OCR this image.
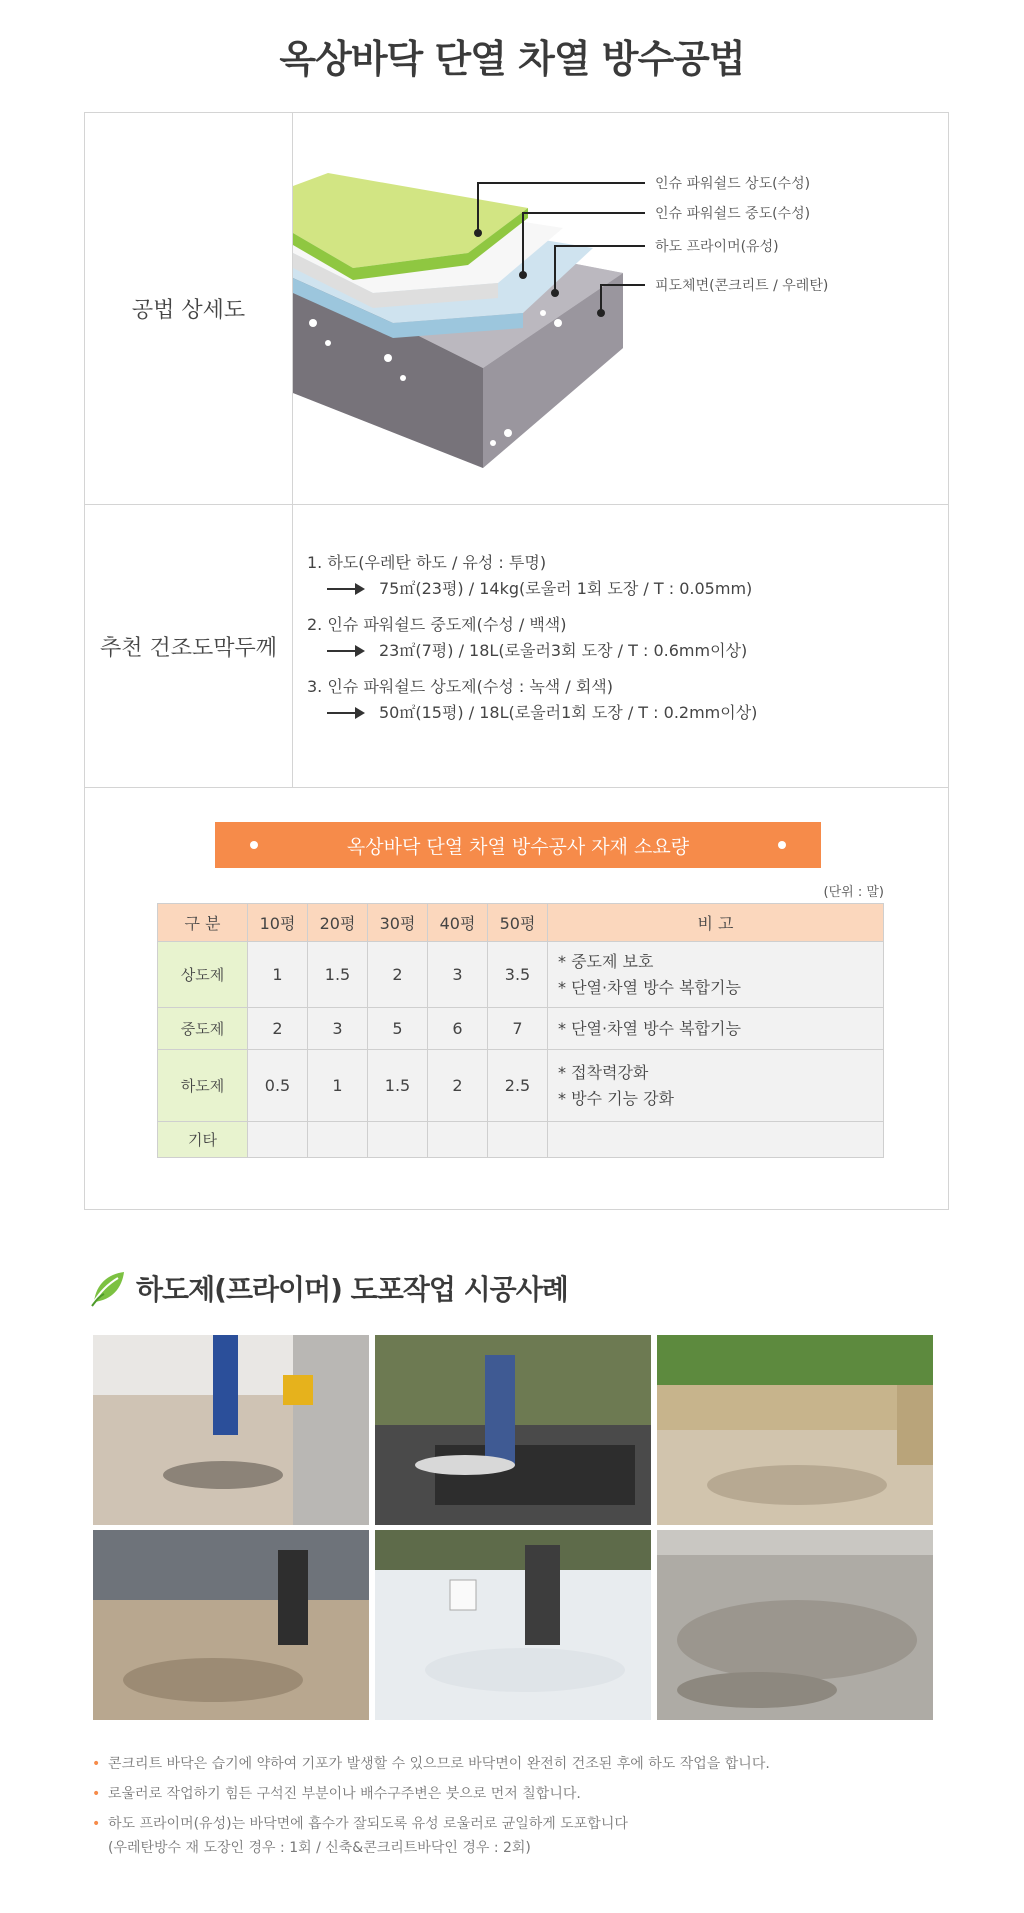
옥상바닥 단열 차열 방수공법
공법 상세도
인슈 파워쉴드 상도(수성)
인슈 파워쉴드 중도(수성)
하도 프라이머(유성)
피도체면(콘크리트 / 우레탄)
추천 건조도막두께
1. 하도(우레탄 하도 / 유성 : 투명)
75㎡(23평) / 14kg(로울러 1회 도장 / T : 0.05mm)
2. 인슈 파워쉴드 중도제(수성 / 백색)
23㎡(7평) / 18L(로울러3회 도장 / T : 0.6mm이상)
3. 인슈 파워쉴드 상도제(수성 : 녹색 / 회색)
50㎡(15평) / 18L(로울러1회 도장 / T : 0.2mm이상)
옥상바닥 단열 차열 방수공사 자재 소요량
(단위 : 말)
구 분	10평	20평	30평	40평	50평	비 고
상도제	1	1.5	2	3	3.5	* 중도제 보호
* 단열·차열 방수 복합기능

중도제	2	3	5	6	7	* 단열·차열 방수 복합기능

하도제	0.5	1	1.5	2	2.5	* 접착력강화
* 방수 기능 강화

기타						
하도제(프라이머) 도포작업 시공사례
• 콘크리트 바닥은 습기에 약하여 기포가 발생할 수 있으므로 바닥면이 완전히 건조된 후에 하도 작업을 합니다.
• 로울러로 작업하기 힘든 구석진 부분이나 배수구주변은 붓으로 먼저 칠합니다.
• 하도 프라이머(유성)는 바닥면에 흡수가 잘되도록 유성 로울러로 균일하게 도포합니다
(우레탄방수 재 도장인 경우 : 1회 / 신축&콘크리트바닥인 경우 : 2회)
